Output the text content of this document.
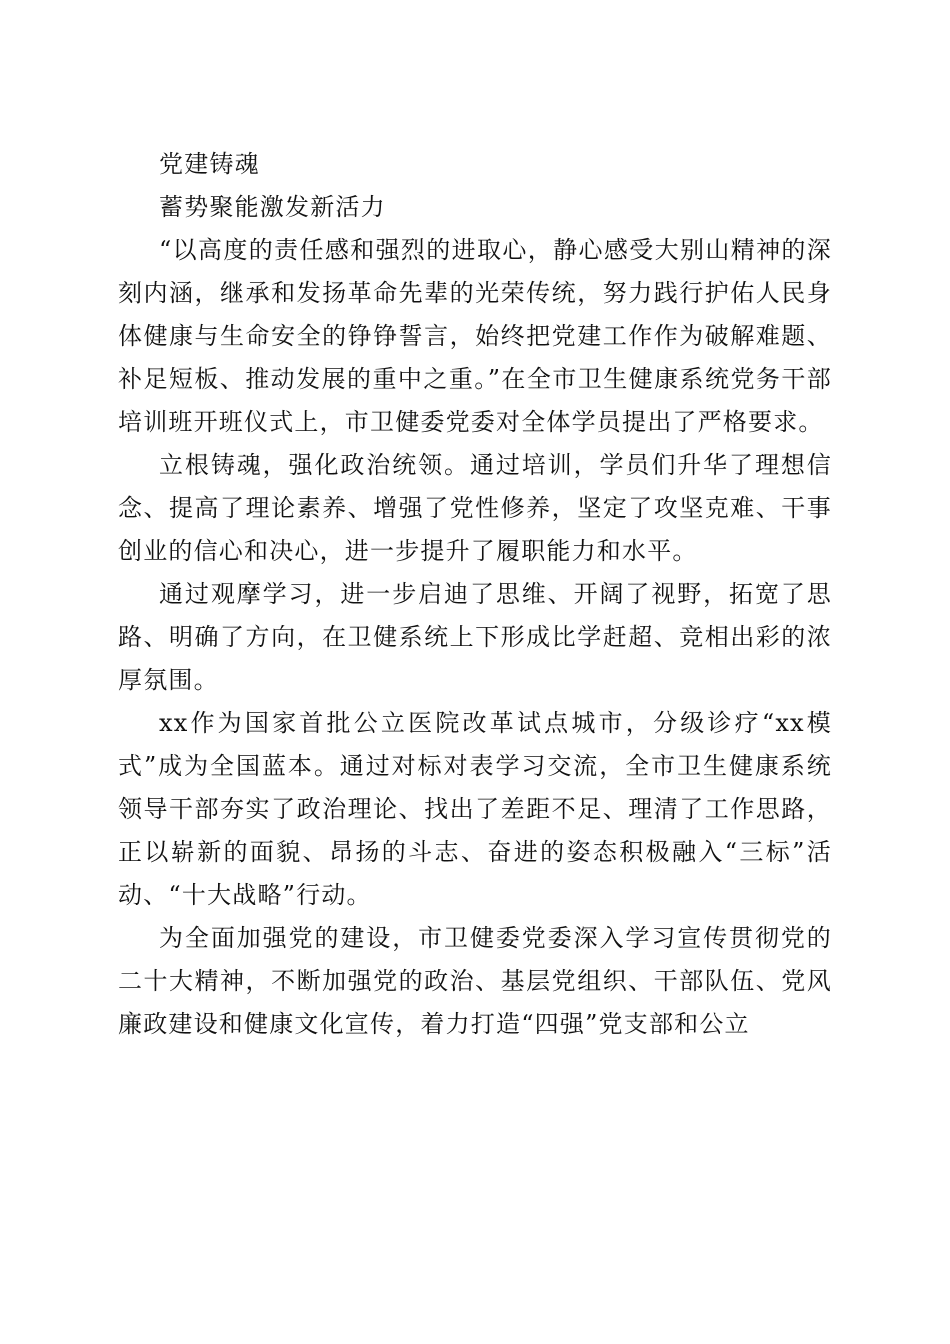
党建铸魂

蓄势聚能激发新活力

“以高度的责任感和强烈的进取心，静心感受大别山精神的深刻内涵，继承和发扬革命先辈的光荣传统，努力践行护佑人民身体健康与生命安全的铮铮誓言，始终把党建工作作为破解难题、补足短板、推动发展的重中之重。”在全市卫生健康系统党务干部培训班开班仪式上，市卫健委党委对全体学员提出了严格要求。

立根铸魂，强化政治统领。通过培训，学员们升华了理想信念、提高了理论素养、增强了党性修养，坚定了攻坚克难、干事创业的信心和决心，进一步提升了履职能力和水平。

通过观摩学习，进一步启迪了思维、开阔了视野，拓宽了思路、明确了方向，在卫健系统上下形成比学赶超、竞相出彩的浓厚氛围。

xx作为国家首批公立医院改革试点城市，分级诊疗“xx模式”成为全国蓝本。通过对标对表学习交流，全市卫生健康系统领导干部夯实了政治理论、找出了差距不足、理清了工作思路，正以崭新的面貌、昂扬的斗志、奋进的姿态积极融入“三标”活动、“十大战略”行动。

为全面加强党的建设，市卫健委党委深入学习宣传贯彻党的二十大精神，不断加强党的政治、基层党组织、干部队伍、党风廉政建设和健康文化宣传，着力打造“四强”党支部和公立
